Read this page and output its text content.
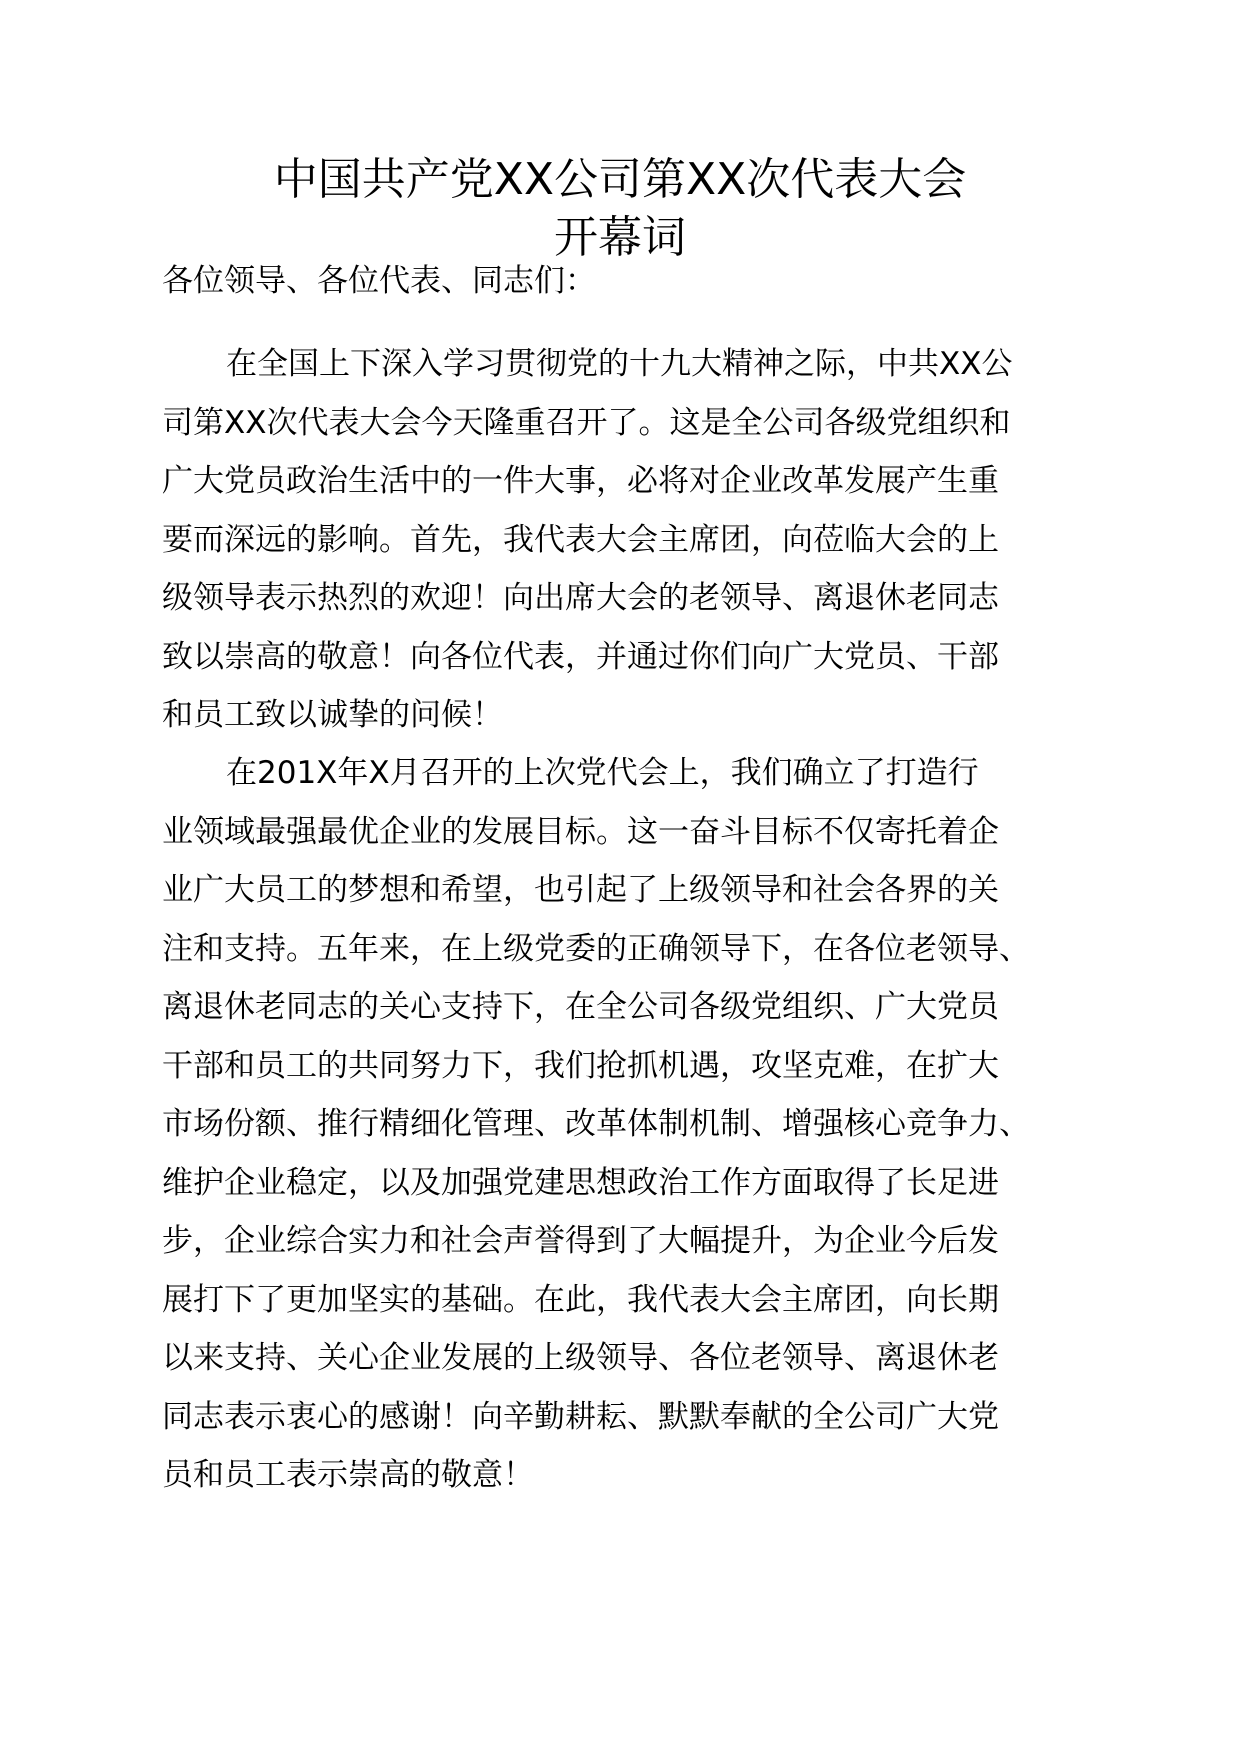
中国共产党XX公司第XX次代表大会
开幕词
各位领导、各位代表、同志们：
在全国上下深入学习贯彻党的十九大精神之际，中共XX公
司第XX次代表大会今天隆重召开了。这是全公司各级党组织和
广大党员政治生活中的一件大事，必将对企业改革发展产生重
要而深远的影响。首先，我代表大会主席团，向莅临大会的上
级领导表示热烈的欢迎！向出席大会的老领导、离退休老同志
致以崇高的敬意！向各位代表，并通过你们向广大党员、干部
和员工致以诚挚的问候！
在201X年X月召开的上次党代会上，我们确立了打造行
业领域最强最优企业的发展目标。这一奋斗目标不仅寄托着企
业广大员工的梦想和希望，也引起了上级领导和社会各界的关
注和支持。五年来，在上级党委的正确领导下，在各位老领导、
离退休老同志的关心支持下，在全公司各级党组织、广大党员
干部和员工的共同努力下，我们抢抓机遇，攻坚克难，在扩大
市场份额、推行精细化管理、改革体制机制、增强核心竞争力、
维护企业稳定，以及加强党建思想政治工作方面取得了长足进
步，企业综合实力和社会声誉得到了大幅提升，为企业今后发
展打下了更加坚实的基础。在此，我代表大会主席团，向长期
以来支持、关心企业发展的上级领导、各位老领导、离退休老
同志表示衷心的感谢！向辛勤耕耘、默默奉献的全公司广大党
员和员工表示崇高的敬意！
